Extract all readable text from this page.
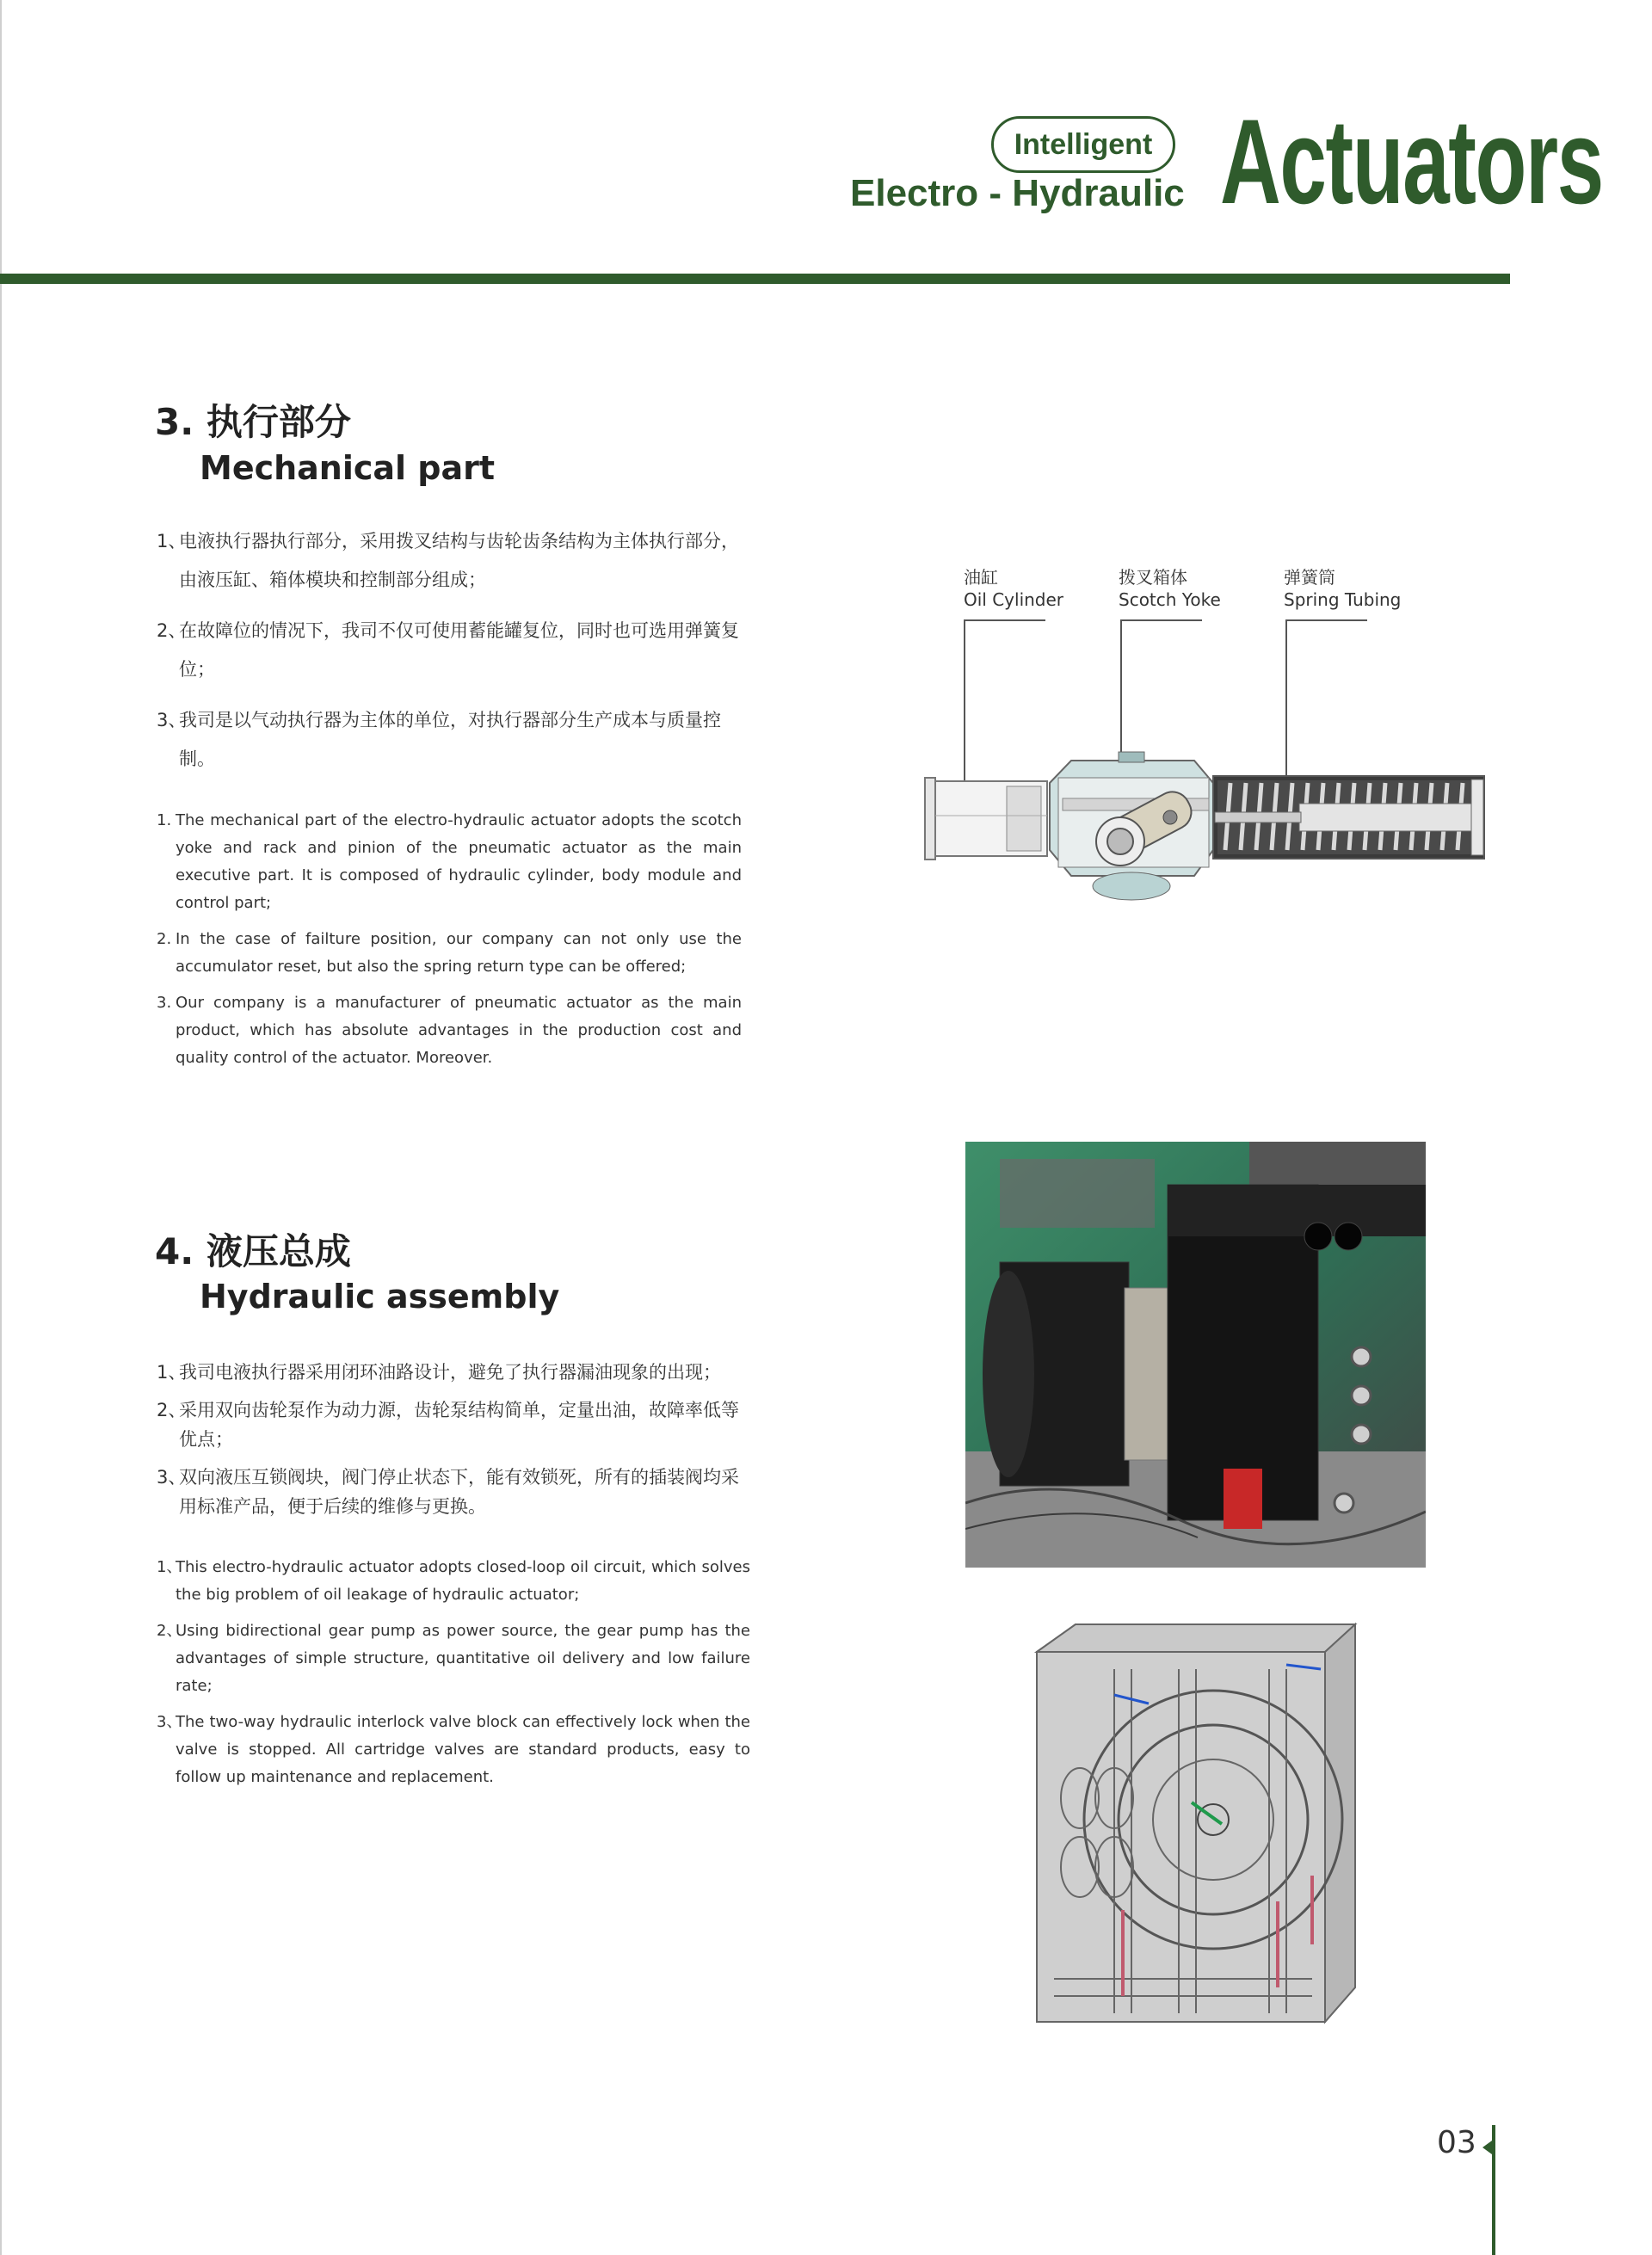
Intelligent
Electro - Hydraulic Actuators
3. 执行部分
Mechanical part
1、
电液执行器执行部分，采用拨叉结构与齿轮齿条结构为主体执行部分，由液压缸、箱体模块和控制部分组成；
2、
在故障位的情况下，我司不仅可使用蓄能罐复位，同时也可选用弹簧复位；
3、
我司是以气动执行器为主体的单位，对执行器部分生产成本与质量控制。
1. The mechanical part of the electro-hydraulic actuator adopts the scotch yoke and rack and pinion of the pneumatic actuator as the main executive part. It is composed of hydraulic cylinder, body module and control part;
2. In the case of failture position, our company can not only use the accumulator reset, but also the spring return type can be offered;
3. Our company is a manufacturer of pneumatic actuator as the main product, which has absolute advantages in the production cost and quality control of the actuator. Moreover.
油缸
Oil Cylinder
拨叉箱体
Scotch Yoke
弹簧筒
Spring Tubing
4. 液压总成
Hydraulic assembly
1、
我司电液执行器采用闭环油路设计，避免了执行器漏油现象的出现；
2、
采用双向齿轮泵作为动力源，齿轮泵结构简单，定量出油，故障率低等优点；
3、
双向液压互锁阀块，阀门停止状态下，能有效锁死，所有的插装阀均采用标准产品，便于后续的维修与更换。
1、
This electro-hydraulic actuator adopts closed-loop oil circuit, which solves the big problem of oil leakage of hydraulic actuator;
2、
Using bidirectional gear pump as power source, the gear pump has the advantages of simple structure, quantitative oil delivery and low failure rate;
3、
The two-way hydraulic interlock valve block can effectively lock when the valve is stopped. All cartridge valves are standard products, easy to follow up maintenance and replacement.
03
